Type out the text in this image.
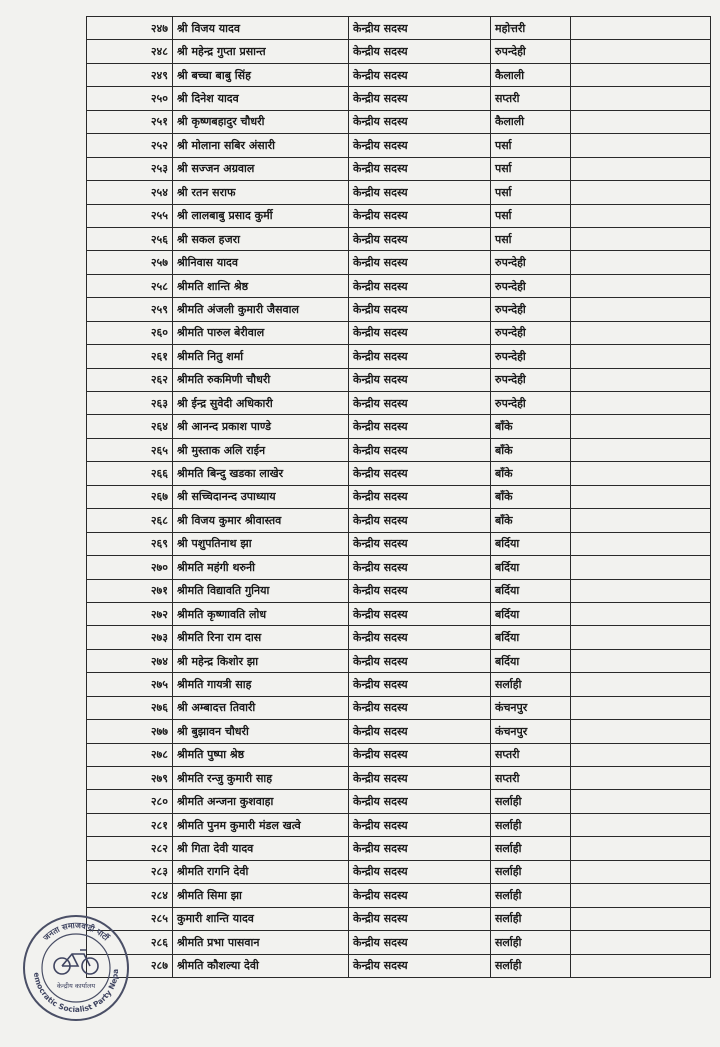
२४७	श्री विजय यादव	केन्द्रीय सदस्य	महोत्तरी	
२४८	श्री महेन्द्र गुप्ता प्रसान्त	केन्द्रीय सदस्य	रुपन्देही	
२४९	श्री बच्चा बाबु सिंह	केन्द्रीय सदस्य	कैलाली	
२५०	श्री दिनेश यादव	केन्द्रीय सदस्य	सप्तरी	
२५१	श्री कृष्णबहादुर चौधरी	केन्द्रीय सदस्य	कैलाली	
२५२	श्री मोलाना सबिर अंसारी	केन्द्रीय सदस्य	पर्सा	
२५३	श्री सज्जन अग्रवाल	केन्द्रीय सदस्य	पर्सा	
२५४	श्री रतन सराफ	केन्द्रीय सदस्य	पर्सा	
२५५	श्री लालबाबु प्रसाद कुर्मी	केन्द्रीय सदस्य	पर्सा	
२५६	श्री सकल हजरा	केन्द्रीय सदस्य	पर्सा	
२५७	श्रीनिवास यादव	केन्द्रीय सदस्य	रुपन्देही	
२५८	श्रीमति शान्ति श्रेष्ठ	केन्द्रीय सदस्य	रुपन्देही	
२५९	श्रीमति अंजली कुमारी जैसवाल	केन्द्रीय सदस्य	रुपन्देही	
२६०	श्रीमति पारुल बेरीवाल	केन्द्रीय सदस्य	रुपन्देही	
२६१	श्रीमति नितु शर्मा	केन्द्रीय सदस्य	रुपन्देही	
२६२	श्रीमति रुकमिणी चौधरी	केन्द्रीय सदस्य	रुपन्देही	
२६३	श्री ईन्द्र सुवेदी अधिकारी	केन्द्रीय सदस्य	रुपन्देही	
२६४	श्री आनन्द प्रकाश पाण्डे	केन्द्रीय सदस्य	बाँके	
२६५	श्री मुस्ताक अलि राईन	केन्द्रीय सदस्य	बाँके	
२६६	श्रीमति बिन्दु खडका लाखेर	केन्द्रीय सदस्य	बाँके	
२६७	श्री सच्चिदानन्द उपाध्याय	केन्द्रीय सदस्य	बाँके	
२६८	श्री विजय कुमार श्रीवास्तव	केन्द्रीय सदस्य	बाँके	
२६९	श्री पशुपतिनाथ झा	केन्द्रीय सदस्य	बर्दिया	
२७०	श्रीमति महंगी थरुनी	केन्द्रीय सदस्य	बर्दिया	
२७१	श्रीमति विद्यावति गुनिया	केन्द्रीय सदस्य	बर्दिया	
२७२	श्रीमति कृष्णावति लोध	केन्द्रीय सदस्य	बर्दिया	
२७३	श्रीमति रिना राम दास	केन्द्रीय सदस्य	बर्दिया	
२७४	श्री महेन्द्र किशोर झा	केन्द्रीय सदस्य	बर्दिया	
२७५	श्रीमति गायत्री साह	केन्द्रीय सदस्य	सर्लाही	
२७६	श्री अम्बादत्त तिवारी	केन्द्रीय सदस्य	कंचनपुर	
२७७	श्री बुझावन चौधरी	केन्द्रीय सदस्य	कंचनपुर	
२७८	श्रीमति पुष्पा श्रेष्ठ	केन्द्रीय सदस्य	सप्तरी	
२७९	श्रीमति रन्जु कुमारी साह	केन्द्रीय सदस्य	सप्तरी	
२८०	श्रीमति अन्जना कुशवाहा	केन्द्रीय सदस्य	सर्लाही	
२८१	श्रीमति पुनम कुमारी मंडल खत्वे	केन्द्रीय सदस्य	सर्लाही	
२८२	श्री गिता देवी यादव	केन्द्रीय सदस्य	सर्लाही	
२८३	श्रीमति रागनि देवी	केन्द्रीय सदस्य	सर्लाही	
२८४	श्रीमति सिमा झा	केन्द्रीय सदस्य	सर्लाही	
२८५	कुमारी शान्ति यादव	केन्द्रीय सदस्य	सर्लाही	
२८६	श्रीमति प्रभा पासवान	केन्द्रीय सदस्य	सर्लाही	
२८७	श्रीमति कौशल्या देवी	केन्द्रीय सदस्य	सर्लाही	
जनता समाजवादी पार्टी
emocratic Socialist Party Nepa
केन्द्रीय कार्यालय
